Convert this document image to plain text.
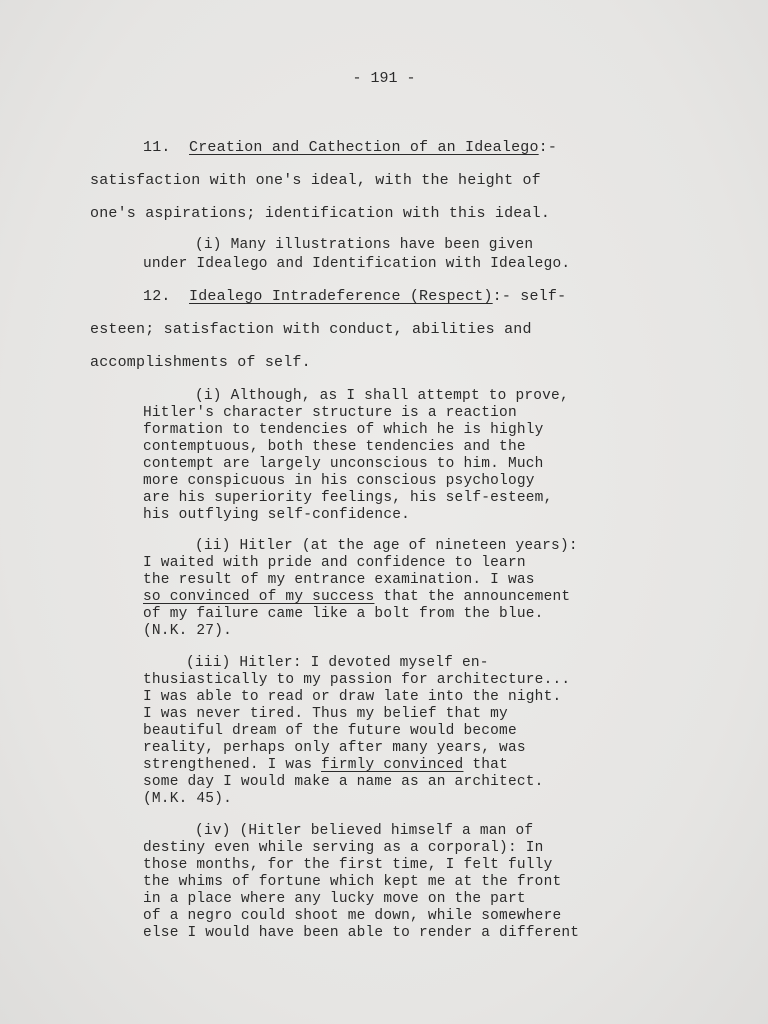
- 191 -
11. Creation and Cathection of an Idealego:-
satisfaction with one's ideal, with the height of
one's aspirations; identification with this ideal.
(i) Many illustrations have been given
under Idealego and Identification with Idealego.
12. Idealego Intradeference (Respect):- self-
esteen; satisfaction with conduct, abilities and
accomplishments of self.
(i) Although, as I shall attempt to prove,
Hitler's character structure is a reaction
formation to tendencies of which he is highly
contemptuous, both these tendencies and the
contempt are largely unconscious to him. Much
more conspicuous in his conscious psychology
are his superiority feelings, his self-esteem,
his outflying self-confidence.
(ii) Hitler (at the age of nineteen years):
I waited with pride and confidence to learn
the result of my entrance examination. I was
so convinced of my success that the announcement
of my failure came like a bolt from the blue.
(N.K. 27).
(iii) Hitler: I devoted myself en-
thusiastically to my passion for architecture...
I was able to read or draw late into the night.
I was never tired. Thus my belief that my
beautiful dream of the future would become
reality, perhaps only after many years, was
strengthened. I was firmly convinced that
some day I would make a name as an architect.
(M.K. 45).
(iv) (Hitler believed himself a man of
destiny even while serving as a corporal): In
those months, for the first time, I felt fully
the whims of fortune which kept me at the front
in a place where any lucky move on the part
of a negro could shoot me down, while somewhere
else I would have been able to render a different
